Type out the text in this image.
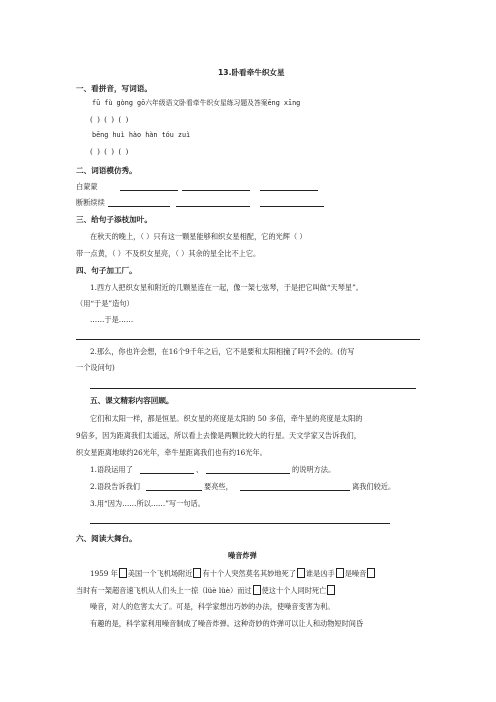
13.卧看牵牛织女星
一、看拼音，写词语。
fū fù gòng gō六年级语文卧看牵牛织女星练习题及答案ēng xīng
( ) ( ) ( )
bēng huì hào hàn tóu zuì
( ) ( ) ( )
二、词语模仿秀。
白蒙蒙
断断续续
三、给句子添枝加叶。
在秋天的晚上，（ ）只有这一颗星能够和织女星相配，它的光辉（ ）
带一点黄，（ ）不及织女星亮，（ ）其余的星全比不上它。
四、句子加工厂。
1.西方人把织女星和附近的几颗星连在一起，像一架七弦琴，于是把它叫做“天琴星”。
（用“于是”造句）
……于是……
2.那么，你也许会想，在16个9千年之后，它不是要和太阳相撞了吗?不会的。(仿写
一个设问句)
五、课文精彩内容回顾。
它们和太阳一样，都是恒星。织女星的亮度是太阳的 50 多倍，牵牛星的亮度是太阳的
9倍多，因为距离我们太遥远，所以看上去像是两颗比较大的行星。天文学家又告诉我们，
织女星距离地球约26光年，牵牛星距离我们也有约16光年。
1.语段运用了	、	的说明方法。
2.语段告诉我们	要亮些，	离我们较近。
3.用“因为……所以……”写一句话。
六、阅读大舞台。
噪音炸弹
1959 年 美国一个飞机场附近 有十个人突然莫名其妙地死了 谁是凶手 是噪音
当时有一架超音速飞机从人们头上一掠（lüè lüè）而过 使这十个人同时死亡
噪音，对人的危害太大了。可是，科学家想出巧妙的办法，使噪音变害为利。
有趣的是，科学家利用噪音制成了噪音炸弹。这种奇妙的炸弹可以让人和动物短时间昏
